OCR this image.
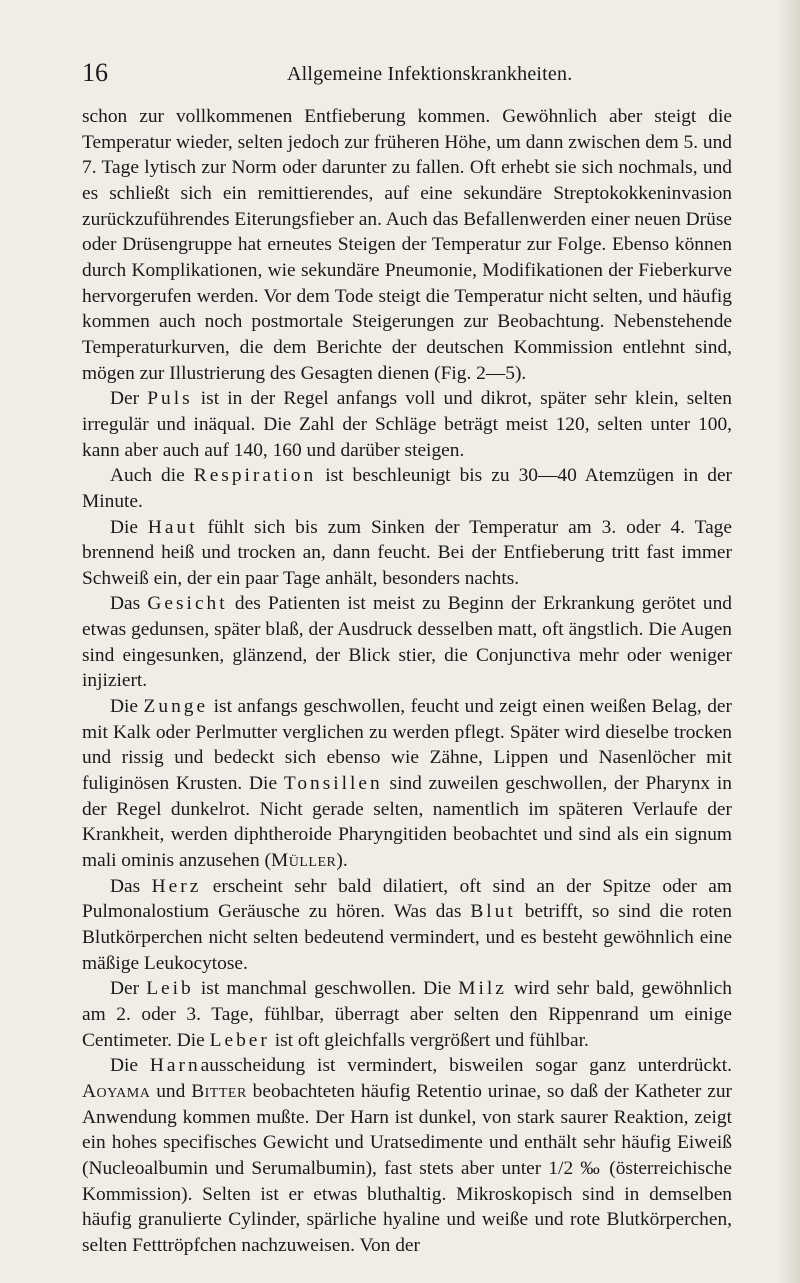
16	Allgemeine Infektionskrankheiten.

schon zur vollkommenen Entfieberung kommen. Gewöhnlich aber steigt die Temperatur wieder, selten jedoch zur früheren Höhe, um dann zwischen dem 5. und 7. Tage lytisch zur Norm oder darunter zu fallen. Oft erhebt sie sich nochmals, und es schließt sich ein remittierendes, auf eine sekundäre Streptokokkeninvasion zurückzuführendes Eiterungsfieber an. Auch das Befallenwerden einer neuen Drüse oder Drüsengruppe hat erneutes Steigen der Temperatur zur Folge. Ebenso können durch Komplikationen, wie sekundäre Pneumonie, Modifikationen der Fieberkurve hervorgerufen werden. Vor dem Tode steigt die Temperatur nicht selten, und häufig kommen auch noch postmortale Steigerungen zur Beobachtung. Nebenstehende Temperaturkurven, die dem Berichte der deutschen Kommission entlehnt sind, mögen zur Illustrierung des Gesagten dienen (Fig. 2—5).

Der Puls ist in der Regel anfangs voll und dikrot, später sehr klein, selten irregulär und inäqual. Die Zahl der Schläge beträgt meist 120, selten unter 100, kann aber auch auf 140, 160 und darüber steigen.

Auch die Respiration ist beschleunigt bis zu 30—40 Atemzügen in der Minute.

Die Haut fühlt sich bis zum Sinken der Temperatur am 3. oder 4. Tage brennend heiß und trocken an, dann feucht. Bei der Entfieberung tritt fast immer Schweiß ein, der ein paar Tage anhält, besonders nachts.

Das Gesicht des Patienten ist meist zu Beginn der Erkrankung gerötet und etwas gedunsen, später blaß, der Ausdruck desselben matt, oft ängstlich. Die Augen sind eingesunken, glänzend, der Blick stier, die Conjunctiva mehr oder weniger injiziert.

Die Zunge ist anfangs geschwollen, feucht und zeigt einen weißen Belag, der mit Kalk oder Perlmutter verglichen zu werden pflegt. Später wird dieselbe trocken und rissig und bedeckt sich ebenso wie Zähne, Lippen und Nasenlöcher mit fuliginösen Krusten. Die Tonsillen sind zuweilen geschwollen, der Pharynx in der Regel dunkelrot. Nicht gerade selten, namentlich im späteren Verlaufe der Krankheit, werden diphtheroide Pharyngitiden beobachtet und sind als ein signum mali ominis anzusehen (Müller).

Das Herz erscheint sehr bald dilatiert, oft sind an der Spitze oder am Pulmonalostium Geräusche zu hören. Was das Blut betrifft, so sind die roten Blutkörperchen nicht selten bedeutend vermindert, und es besteht gewöhnlich eine mäßige Leukocytose.

Der Leib ist manchmal geschwollen. Die Milz wird sehr bald, gewöhnlich am 2. oder 3. Tage, fühlbar, überragt aber selten den Rippenrand um einige Centimeter. Die Leber ist oft gleichfalls vergrößert und fühlbar.

Die Harnausscheidung ist vermindert, bisweilen sogar ganz unterdrückt. Aoyama und Bitter beobachteten häufig Retentio urinae, so daß der Katheter zur Anwendung kommen mußte. Der Harn ist dunkel, von stark saurer Reaktion, zeigt ein hohes specifisches Gewicht und Uratsedimente und enthält sehr häufig Eiweiß (Nucleoalbumin und Serumalbumin), fast stets aber unter 1/2 ‰ (österreichische Kommission). Selten ist er etwas bluthaltig. Mikroskopisch sind in demselben häufig granulierte Cylinder, spärliche hyaline und weiße und rote Blutkörperchen, selten Fetttröpfchen nachzuweisen. Von der
